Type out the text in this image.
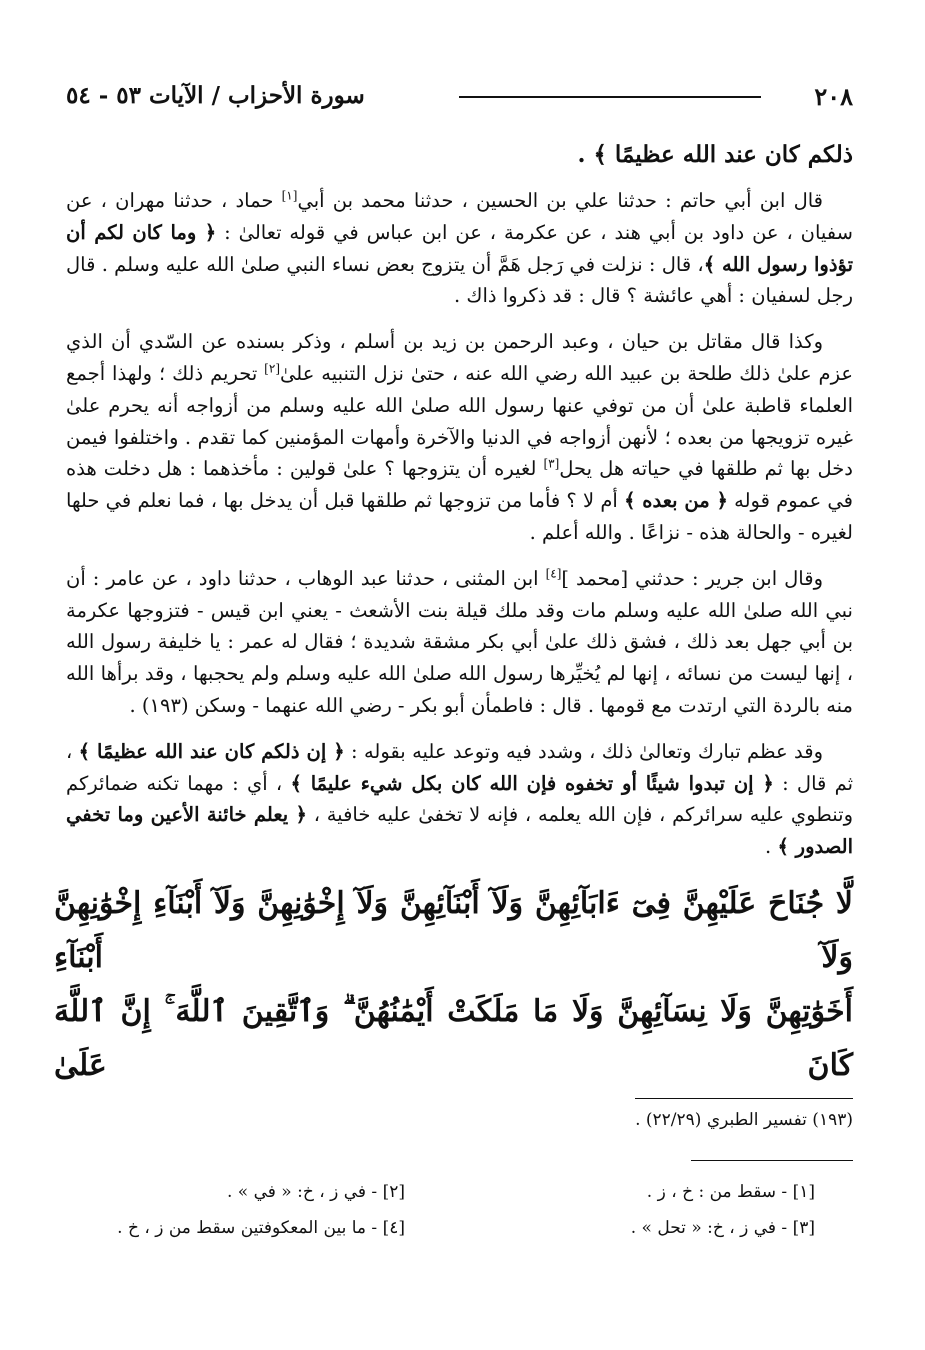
٢٠٨
سورة الأحزاب / الآيات ٥٣ - ٥٤
ذلكم كان عند الله عظيمًا ﴾ .

قال ابن أبي حاتم : حدثنا علي بن الحسين ، حدثنا محمد بن أبي[١] حماد ، حدثنا مهران ، عن سفيان ، عن داود بن أبي هند ، عن عكرمة ، عن ابن عباس في قوله تعالىٰ : ﴿ وما كان لكم أن تؤذوا رسول الله ﴾، قال : نزلت في رَجل هَمَّ أن يتزوج بعض نساء النبي صلىٰ الله عليه وسلم . قال رجل لسفيان : أهي عائشة ؟ قال : قد ذكروا ذاك .

وكذا قال مقاتل بن حيان ، وعبد الرحمن بن زيد بن أسلم ، وذكر بسنده عن السّدي أن الذي عزم علىٰ ذلك طلحة بن عبيد الله رضي الله عنه ، حتىٰ نزل التنبيه علىٰ[٢] تحريم ذلك ؛ ولهذا أجمع العلماء قاطبة علىٰ أن من توفي عنها رسول الله صلىٰ الله عليه وسلم من أزواجه أنه يحرم علىٰ غيره تزويجها من بعده ؛ لأنهن أزواجه في الدنيا والآخرة وأمهات المؤمنين كما تقدم . واختلفوا فيمن دخل بها ثم طلقها في حياته هل يحل[٣] لغيره أن يتزوجها ؟ علىٰ قولين : مأخذهما : هل دخلت هذه في عموم قوله ﴿ من بعده ﴾ أم لا ؟ فأما من تزوجها ثم طلقها قبل أن يدخل بها ، فما نعلم في حلها لغيره - والحالة هذه - نزاعًا . والله أعلم .

وقال ابن جرير : حدثني [محمد ][٤] ابن المثنى ، حدثنا عبد الوهاب ، حدثنا داود ، عن عامر : أن نبي الله صلىٰ الله عليه وسلم مات وقد ملك قيلة بنت الأشعث - يعني ابن قيس - فتزوجها عكرمة بن أبي جهل بعد ذلك ، فشق ذلك علىٰ أبي بكر مشقة شديدة ؛ فقال له عمر : يا خليفة رسول الله ، إنها ليست من نسائه ، إنها لم يُخيِّرها رسول الله صلىٰ الله عليه وسلم ولم يحجبها ، وقد برأها الله منه بالردة التي ارتدت مع قومها . قال : فاطمأن أبو بكر - رضي الله عنهما - وسكن (١٩٣) .

وقد عظم تبارك وتعالىٰ ذلك ، وشدد فيه وتوعد عليه بقوله : ﴿ إن ذلكم كان عند الله عظيمًا ﴾ ، ثم قال : ﴿ إن تبدوا شيئًا أو تخفوه فإن الله كان بكل شيء عليمًا ﴾ ، أي : مهما تكنه ضمائركم وتنطوي عليه سرائركم ، فإن الله يعلمه ، فإنه لا تخفىٰ عليه خافية ، ﴿ يعلم خائنة الأعين وما تخفي الصدور ﴾ .

لَّا جُنَاحَ عَلَيْهِنَّ فِىٓ ءَابَآئِهِنَّ وَلَآ أَبْنَآئِهِنَّ وَلَآ إِخْوَٰنِهِنَّ وَلَآ أَبْنَآءِ إِخْوَٰنِهِنَّ وَلَآ أَبْنَآءِ
أَخَوَٰتِهِنَّ وَلَا نِسَآئِهِنَّ وَلَا مَا مَلَكَتْ أَيْمَٰنُهُنَّ ۗ وَٱتَّقِينَ ٱللَّهَ ۚ إِنَّ ٱللَّهَ كَانَ عَلَىٰ
(١٩٣) تفسير الطبري (٢٢/٢٩) .
[١] - سقط من : خ ، ز .
[٢] - في ز ، خ: « في » .
[٣] - في ز ، خ: « تحل » .
[٤] - ما بين المعكوفتين سقط من ز ، خ .
